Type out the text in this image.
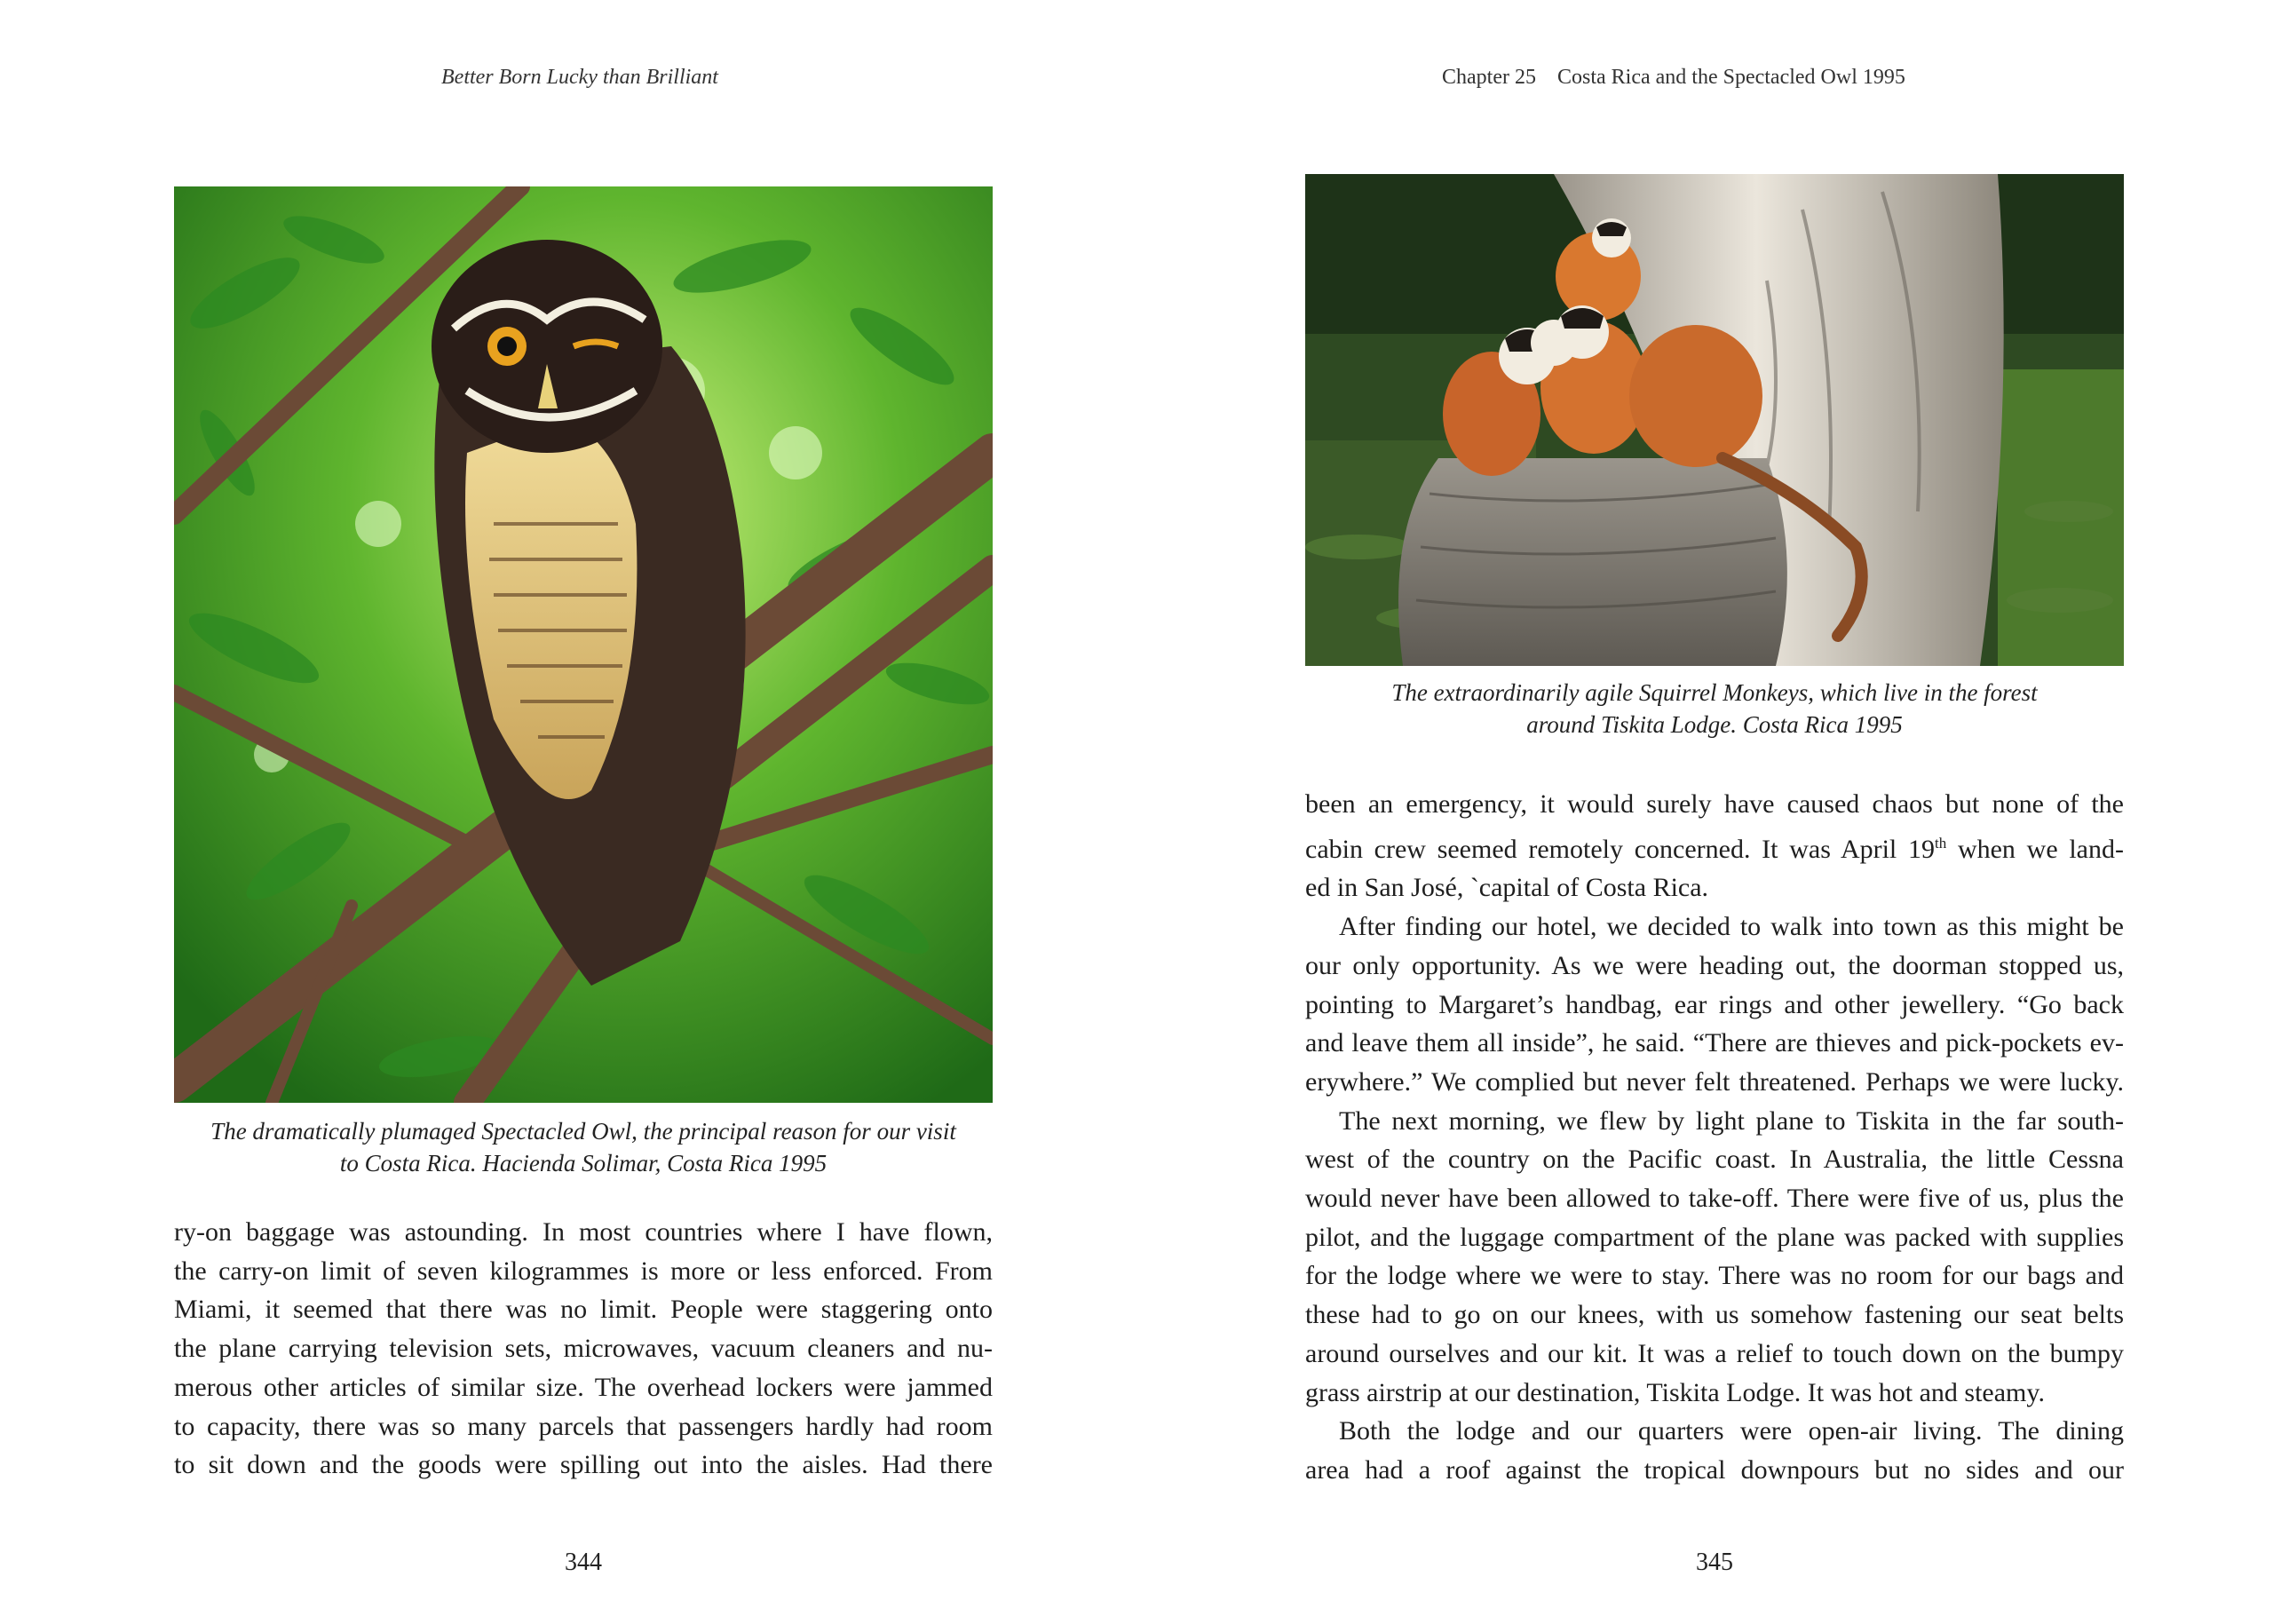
Better Born Lucky than Brilliant
The dramatically plumaged Spectacled Owl, the principal reason for our visit
to Costa Rica. Hacienda Solimar, Costa Rica 1995

ry-on baggage was astounding. In most countries where I have flown,

the carry-on limit of seven kilogrammes is more or less enforced. From

Miami, it seemed that there was no limit. People were staggering onto

the plane carrying television sets, microwaves, vacuum cleaners and nu-

merous other articles of similar size. The overhead lockers were jammed

to capacity, there was so many parcels that passengers hardly had room

to sit down and the goods were spilling out into the aisles. Had there

344
Chapter 25    Costa Rica and the Spectacled Owl 1995
The extraordinarily agile Squirrel Monkeys, which live in the forest
around Tiskita Lodge. Costa Rica 1995

been an emergency, it would surely have caused chaos but none of the

cabin crew seemed remotely concerned. It was April 19th when we land-

ed in San José, `capital of Costa Rica.

After finding our hotel, we decided to walk into town as this might be

our only opportunity. As we were heading out, the doorman stopped us,

pointing to Margaret’s handbag, ear rings and other jewellery. “Go back

and leave them all inside”, he said. “There are thieves and pick-pockets ev-

erywhere.” We complied but never felt threatened. Perhaps we were lucky.

The next morning, we flew by light plane to Tiskita in the far south-

west of the country on the Pacific coast. In Australia, the little Cessna

would never have been allowed to take-off. There were five of us, plus the

pilot, and the luggage compartment of the plane was packed with supplies

for the lodge where we were to stay. There was no room for our bags and

these had to go on our knees, with us somehow fastening our seat belts

around ourselves and our kit. It was a relief to touch down on the bumpy

grass airstrip at our destination, Tiskita Lodge. It was hot and steamy.

Both the lodge and our quarters were open-air living. The dining

area had a roof against the tropical downpours but no sides and our

345
